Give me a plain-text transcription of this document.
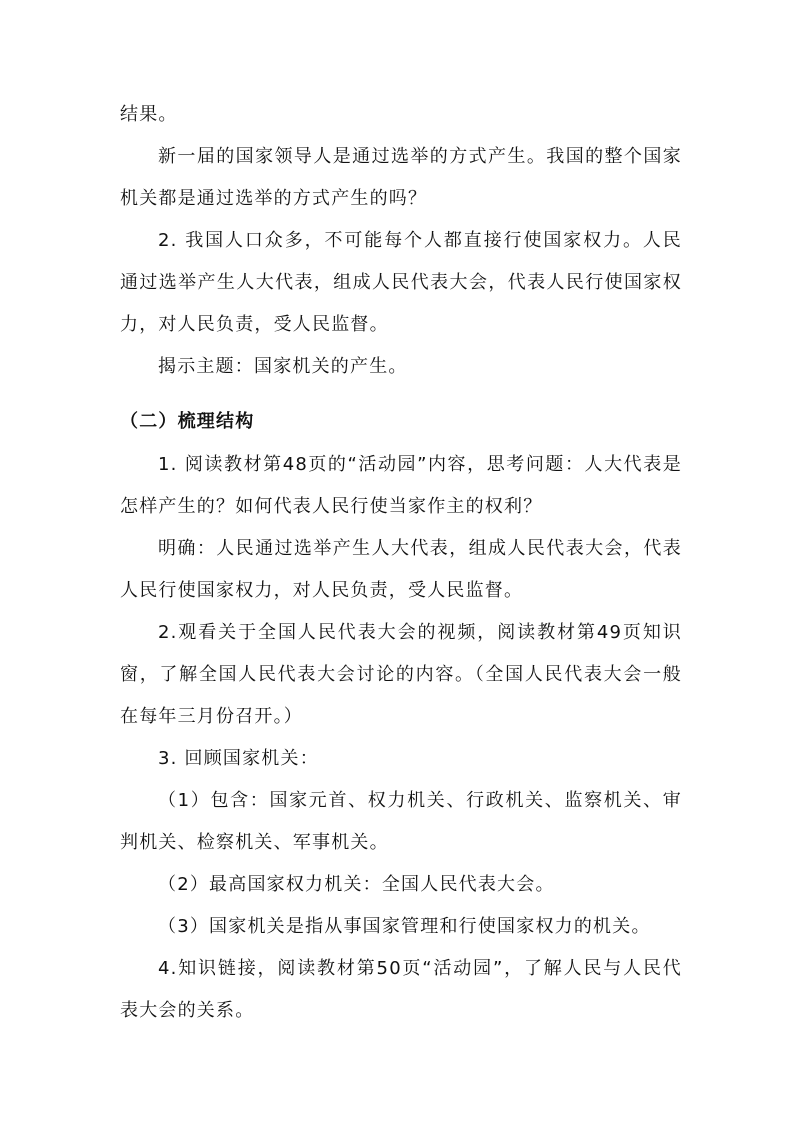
结果。

新一届的国家领导人是通过选举的方式产生。我国的整个国家机关都是通过选举的方式产生的吗？

2. 我国人口众多，不可能每个人都直接行使国家权力。人民通过选举产生人大代表，组成人民代表大会，代表人民行使国家权力，对人民负责，受人民监督。

揭示主题：国家机关的产生。

（二）梳理结构

1. 阅读教材第48页的“活动园”内容，思考问题：人大代表是怎样产生的？如何代表人民行使当家作主的权利？

明确：人民通过选举产生人大代表，组成人民代表大会，代表人民行使国家权力，对人民负责，受人民监督。

2.观看关于全国人民代表大会的视频，阅读教材第49页知识窗，了解全国人民代表大会讨论的内容。（全国人民代表大会一般在每年三月份召开。）

3. 回顾国家机关：

（1）包含：国家元首、权力机关、行政机关、监察机关、审判机关、检察机关、军事机关。

（2）最高国家权力机关：全国人民代表大会。

（3）国家机关是指从事国家管理和行使国家权力的机关。

4.知识链接，阅读教材第50页“活动园”，了解人民与人民代表大会的关系。
